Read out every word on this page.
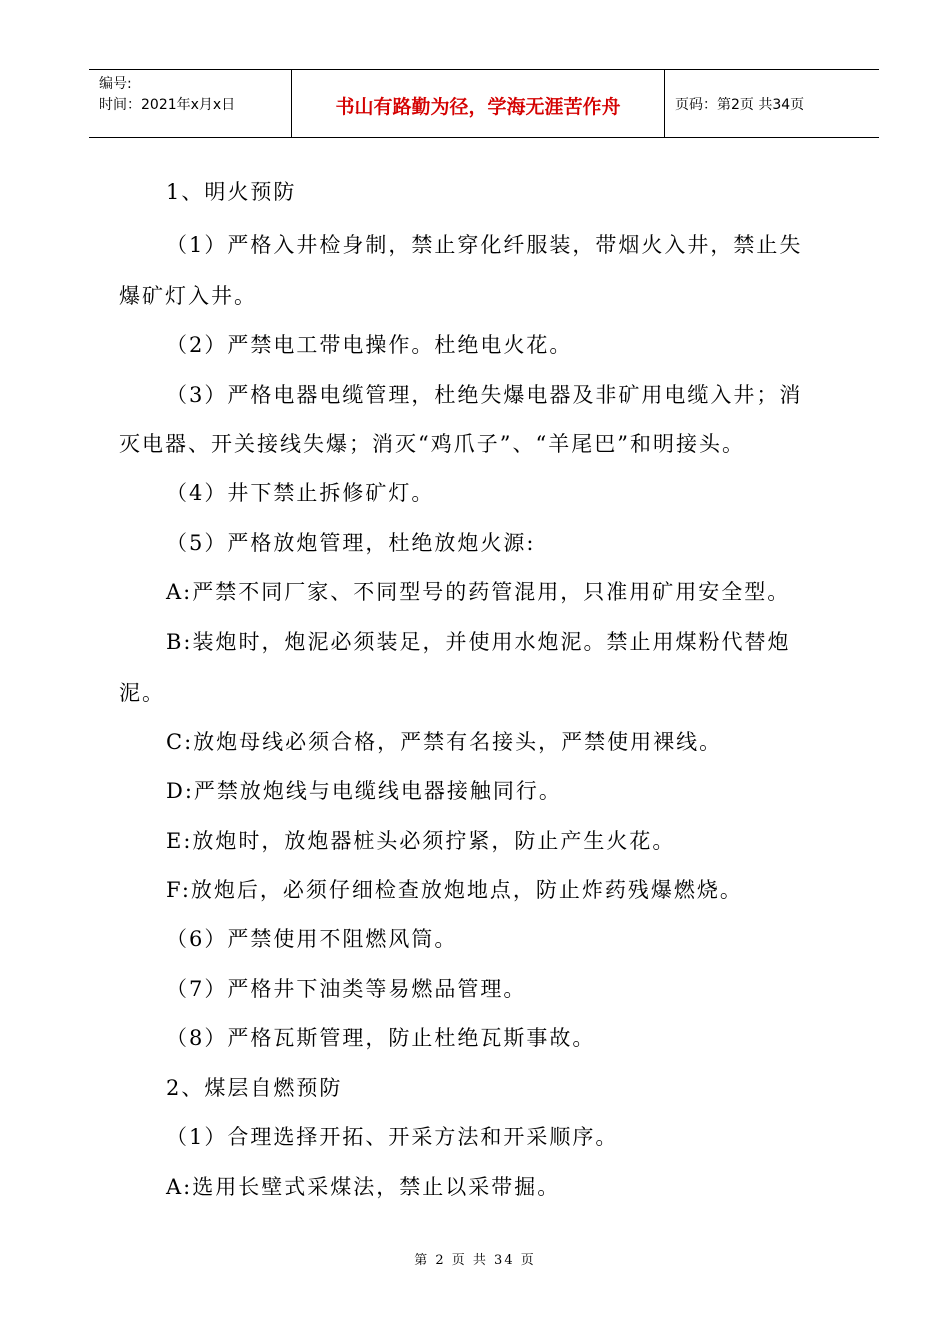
编号:
时间：2021年x月x日	书山有路勤为径，学海无涯苦作舟	页码：第2页 共34页
1、明火预防
（1）严格入井检身制，禁止穿化纤服装，带烟火入井，禁止失
爆矿灯入井。
（2）严禁电工带电操作。杜绝电火花。
（3）严格电器电缆管理，杜绝失爆电器及非矿用电缆入井；消
灭电器、开关接线失爆；消灭“鸡爪子”、“羊尾巴”和明接头。
（4）井下禁止拆修矿灯。
（5）严格放炮管理，杜绝放炮火源:
A:严禁不同厂家、不同型号的药管混用，只准用矿用安全型。
B:装炮时，炮泥必须装足，并使用水炮泥。禁止用煤粉代替炮
泥。
C:放炮母线必须合格，严禁有名接头，严禁使用裸线。
D:严禁放炮线与电缆线电器接触同行。
E:放炮时，放炮器桩头必须拧紧，防止产生火花。
F:放炮后，必须仔细检查放炮地点，防止炸药残爆燃烧。
（6）严禁使用不阻燃风筒。
（7）严格井下油类等易燃品管理。
（8）严格瓦斯管理，防止杜绝瓦斯事故。
2、煤层自燃预防
（1）合理选择开拓、开采方法和开采顺序。
A:选用长壁式采煤法，禁止以采带掘。
第 2 页 共 34 页
